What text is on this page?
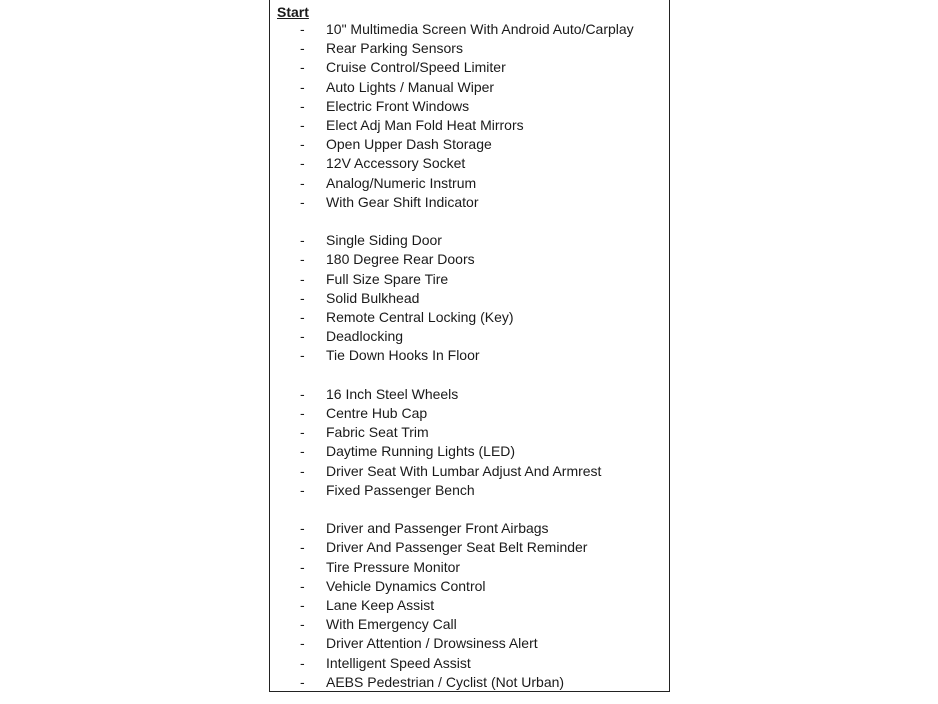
Start
-	10" Multimedia Screen With Android Auto/Carplay
-	Rear Parking Sensors
-	Cruise Control/Speed Limiter
-	Auto Lights / Manual Wiper
-	Electric Front Windows
-	Elect Adj Man Fold Heat Mirrors
-	Open Upper Dash Storage
-	12V Accessory Socket
-	Analog/Numeric Instrum
-	With Gear Shift Indicator
-	Single Siding Door
-	180 Degree Rear Doors
-	Full Size Spare Tire
-	Solid Bulkhead
-	Remote Central Locking (Key)
-	Deadlocking
-	Tie Down Hooks In Floor
-	16 Inch Steel Wheels
-	Centre Hub Cap
-	Fabric Seat Trim
-	Daytime Running Lights (LED)
-	Driver Seat With Lumbar Adjust And Armrest
-	Fixed Passenger Bench
-	Driver and Passenger Front Airbags
-	Driver And Passenger Seat Belt Reminder
-	Tire Pressure Monitor
-	Vehicle Dynamics Control
-	Lane Keep Assist
-	With Emergency Call
-	Driver Attention / Drowsiness Alert
-	Intelligent Speed Assist
-	AEBS Pedestrian / Cyclist (Not Urban)
